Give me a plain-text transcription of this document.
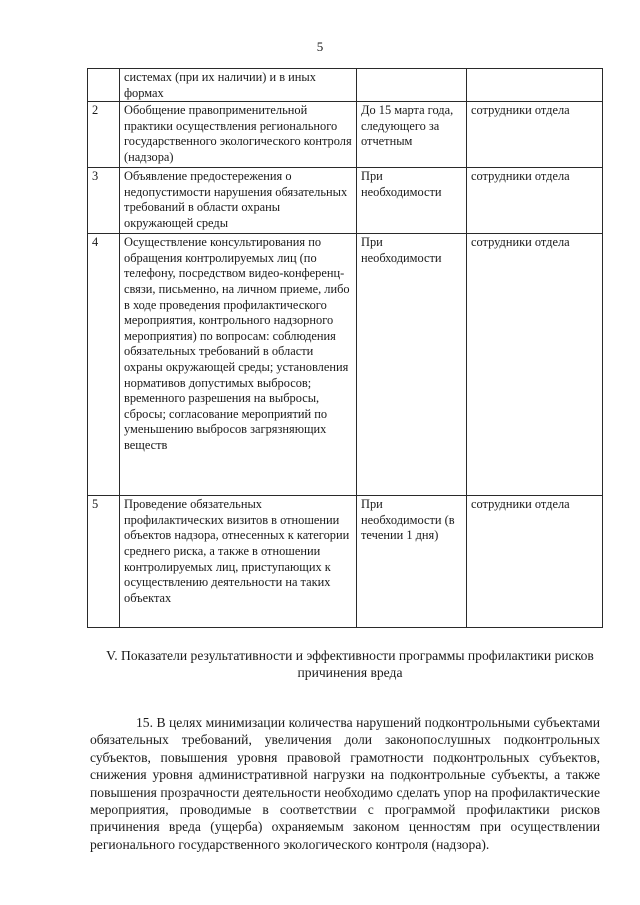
5
	системах (при их наличии) и в иных формах		
2	Обобщение правоприменительной практики осуществления регионального государственного экологического контроля (надзора)	До 15 марта года, следующего за отчетным	сотрудники отдела
3	Объявление предостережения о недопустимости нарушения обязательных требований в области охраны окружающей среды	При необходимости	сотрудники отдела
4	Осуществление консультирования по обращения контролируемых лиц (по телефону, посредством видео-конференц-связи, письменно, на личном приеме, либо в ходе проведения профилактического мероприятия, контрольного надзорного мероприятия) по вопросам: соблюдения обязательных требований в области охраны окружающей среды; установления нормативов допустимых выбросов; временного разрешения на выбросы, сбросы; согласование мероприятий по уменьшению выбросов загрязняющих веществ	При необходимости	сотрудники отдела
5	Проведение обязательных профилактических визитов в отношении объектов надзора, отнесенных к категории среднего риска, а также в отношении контролируемых лиц, приступающих к осуществлению деятельности на таких объектах	При необходимости (в течении 1 дня)	сотрудники отдела
V. Показатели результативности и эффективности программы профилактики рисков причинения вреда

15. В целях минимизации количества нарушений подконтрольными субъектами обязательных требований, увеличения доли законопослушных подконтрольных субъектов, повышения уровня правовой грамотности подконтрольных субъектов, снижения уровня административной нагрузки на подконтрольные субъекты, а также повышения прозрачности деятельности необходимо сделать упор на профилактические мероприятия, проводимые в соответствии с программой профилактики рисков причинения вреда (ущерба) охраняемым законом ценностям при осуществлении регионального государственного экологического контроля (надзора).
